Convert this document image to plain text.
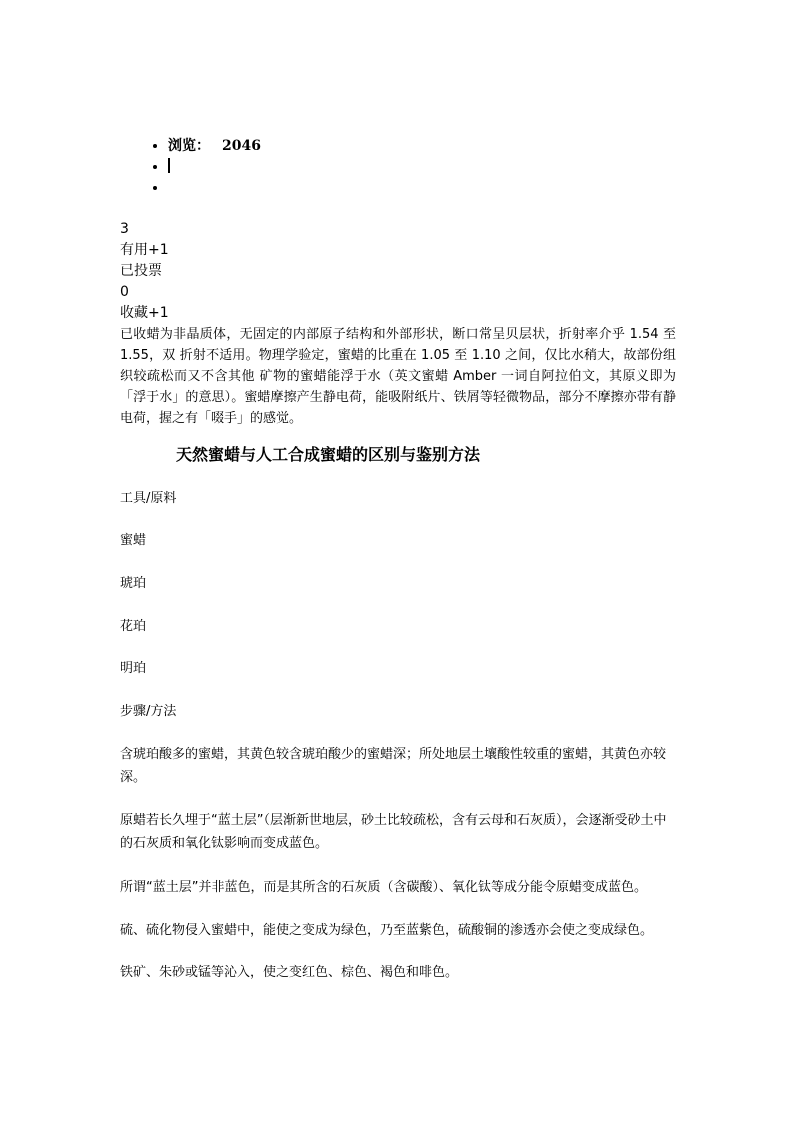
• 浏览： 2046
•
•
3
有用+1
已投票
0
收藏+1
已收蜡为非晶质体，无固定的内部原子结构和外部形状，断口常呈贝层状，折射率介乎 1.54 至 1.55，双 折射不适用。物理学验定，蜜蜡的比重在 1.05 至 1.10 之间，仅比水稍大，故部份组织较疏松而又不含其他 矿物的蜜蜡能浮于水（英文蜜蜡 Amber 一词自阿拉伯文，其原义即为「浮于水」的意思）。蜜蜡摩擦产生静电荷，能吸附纸片、铁屑等轻微物品，部分不摩擦亦带有静电荷，握之有「啜手」的感觉。
天然蜜蜡与人工合成蜜蜡的区别与鉴别方法

工具/原料

蜜蜡

琥珀

花珀

明珀

步骤/方法

含琥珀酸多的蜜蜡，其黄色较含琥珀酸少的蜜蜡深；所处地层土壤酸性较重的蜜蜡，其黄色亦较深。

原蜡若长久埋于“蓝土层”（层渐新世地层，砂土比较疏松，含有云母和石灰质），会逐渐受砂土中的石灰质和氧化钛影响而变成蓝色。

所谓“蓝土层”并非蓝色，而是其所含的石灰质（含碳酸）、氧化钛等成分能令原蜡变成蓝色。

硫、硫化物侵入蜜蜡中，能使之变成为绿色，乃至蓝紫色，硫酸铜的渗透亦会使之变成绿色。

铁矿、朱砂或锰等沁入，使之变红色、棕色、褐色和啡色。
